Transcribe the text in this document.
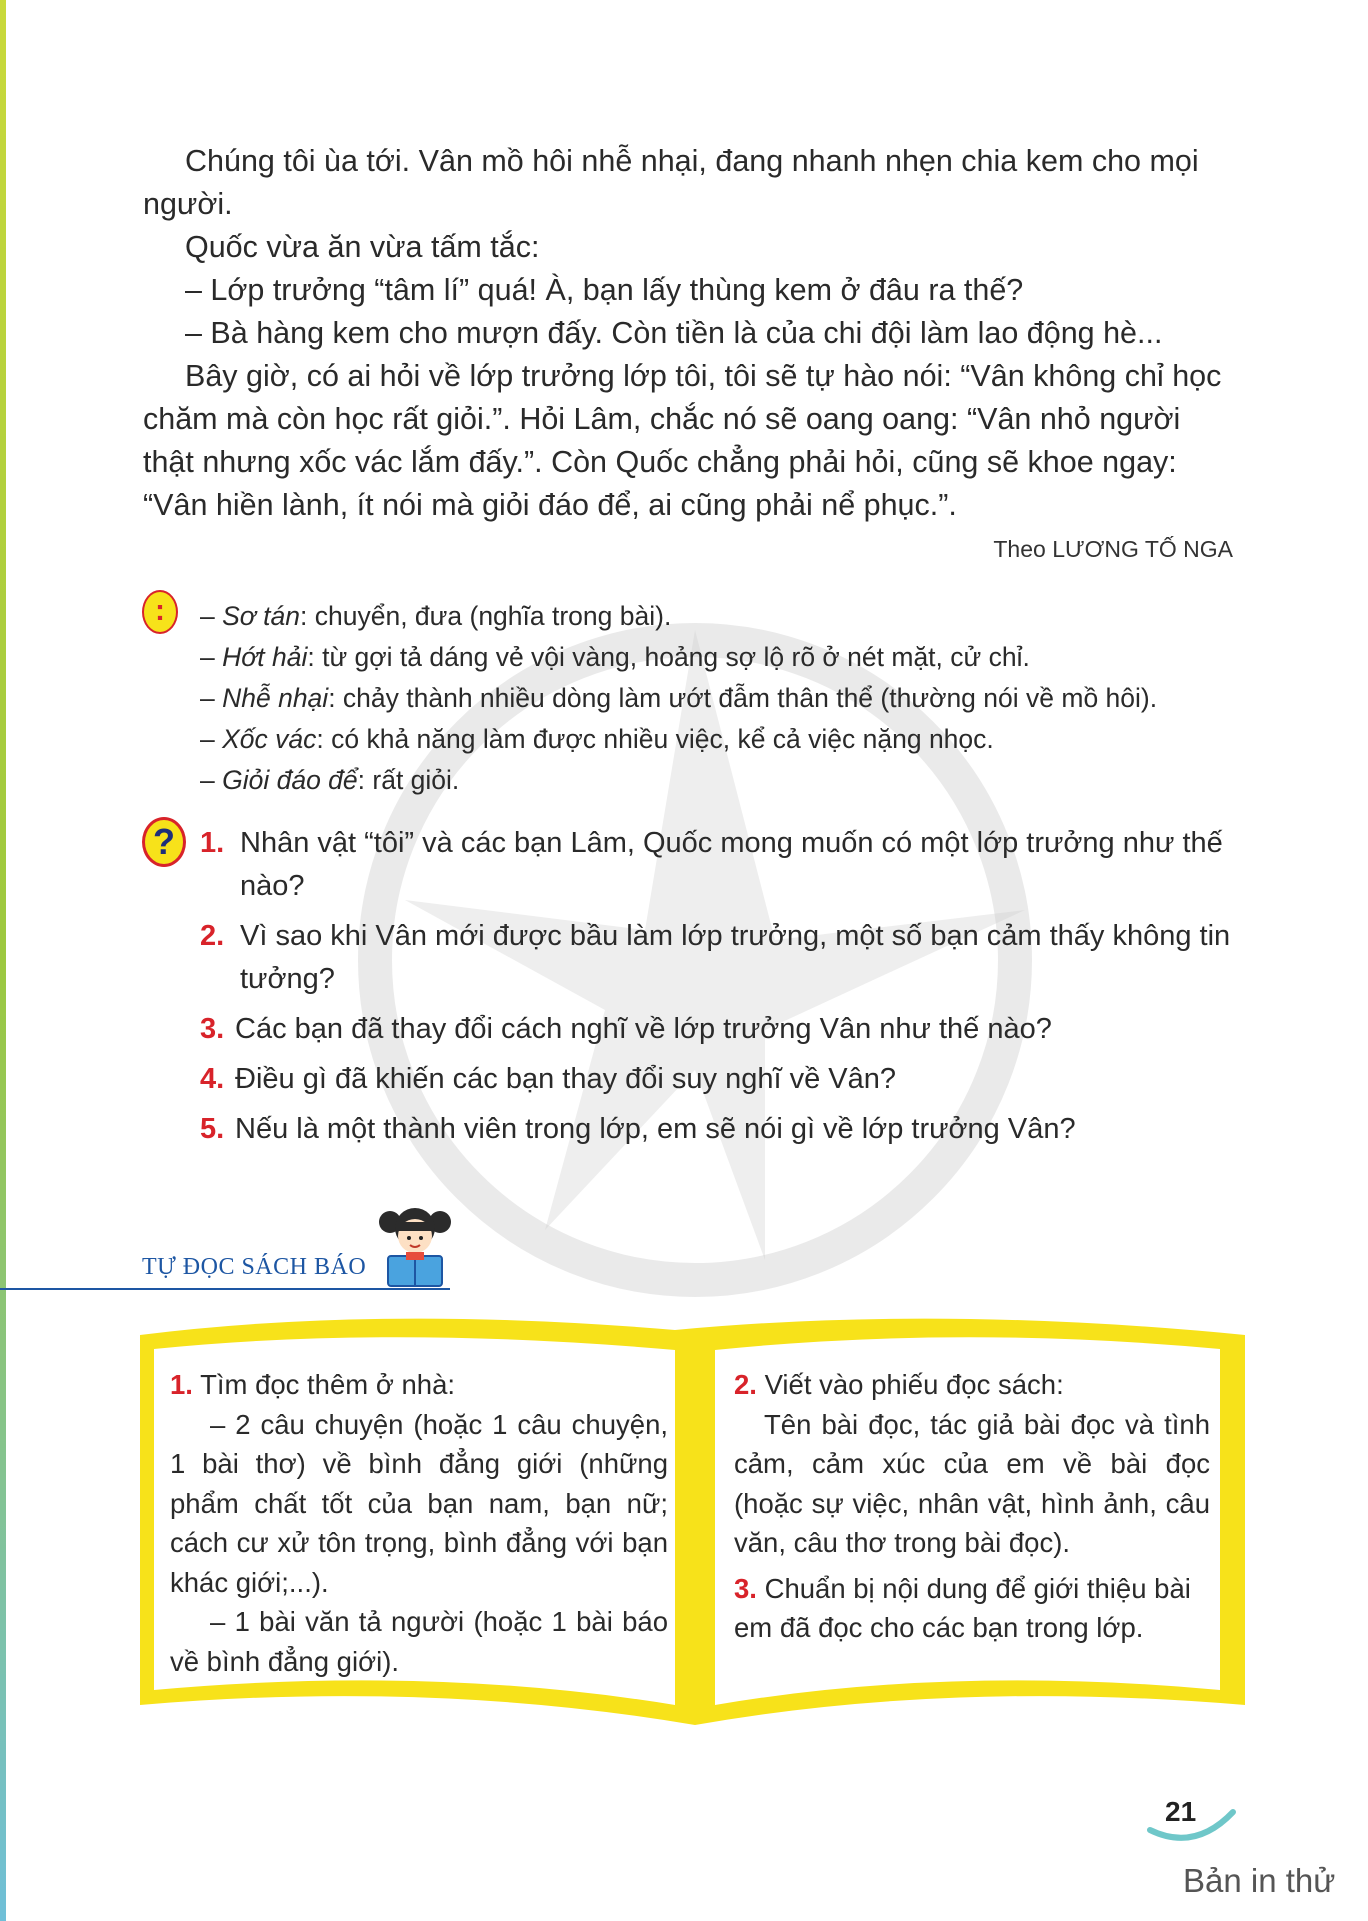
Chúng tôi ùa tới. Vân mồ hôi nhễ nhại, đang nhanh nhẹn chia kem cho mọi người.

Quốc vừa ăn vừa tấm tắc:

– Lớp trưởng “tâm lí” quá! À, bạn lấy thùng kem ở đâu ra thế?

– Bà hàng kem cho mượn đấy. Còn tiền là của chi đội làm lao động hè...

Bây giờ, có ai hỏi về lớp trưởng lớp tôi, tôi sẽ tự hào nói: “Vân không chỉ học chăm mà còn học rất giỏi.”. Hỏi Lâm, chắc nó sẽ oang oang: “Vân nhỏ người thật nhưng xốc vác lắm đấy.”. Còn Quốc chẳng phải hỏi, cũng sẽ khoe ngay: “Vân hiền lành, ít nói mà giỏi đáo để, ai cũng phải nể phục.”.

Theo LƯƠNG TỐ NGA
:	– Sơ tán: chuyển, đưa (nghĩa trong bài).
– Hớt hải: từ gợi tả dáng vẻ vội vàng, hoảng sợ lộ rõ ở nét mặt, cử chỉ.
– Nhễ nhại: chảy thành nhiều dòng làm ướt đẫm thân thể (thường nói về mồ hôi).
– Xốc vác: có khả năng làm được nhiều việc, kể cả việc nặng nhọc.
– Giỏi đáo để: rất giỏi.
? 1. Nhân vật “tôi” và các bạn Lâm, Quốc mong muốn có một lớp trưởng như thế nào?
2. Vì sao khi Vân mới được bầu làm lớp trưởng, một số bạn cảm thấy không tin tưởng?
3. Các bạn đã thay đổi cách nghĩ về lớp trưởng Vân như thế nào?
4. Điều gì đã khiến các bạn thay đổi suy nghĩ về Vân?
5. Nếu là một thành viên trong lớp, em sẽ nói gì về lớp trưởng Vân?
TỰ ĐỌC SÁCH BÁO

1. Tìm đọc thêm ở nhà:

– 2 câu chuyện (hoặc 1 câu chuyện, 1 bài thơ) về bình đẳng giới (những phẩm chất tốt của bạn nam, bạn nữ; cách cư xử tôn trọng, bình đẳng với bạn khác giới;...).

– 1 bài văn tả người (hoặc 1 bài báo về bình đẳng giới).

2. Viết vào phiếu đọc sách:

Tên bài đọc, tác giả bài đọc và tình cảm, cảm xúc của em về bài đọc (hoặc sự việc, nhân vật, hình ảnh, câu văn, câu thơ trong bài đọc).

3. Chuẩn bị nội dung để giới thiệu bài em đã đọc cho các bạn trong lớp.

21
Bản in thử
